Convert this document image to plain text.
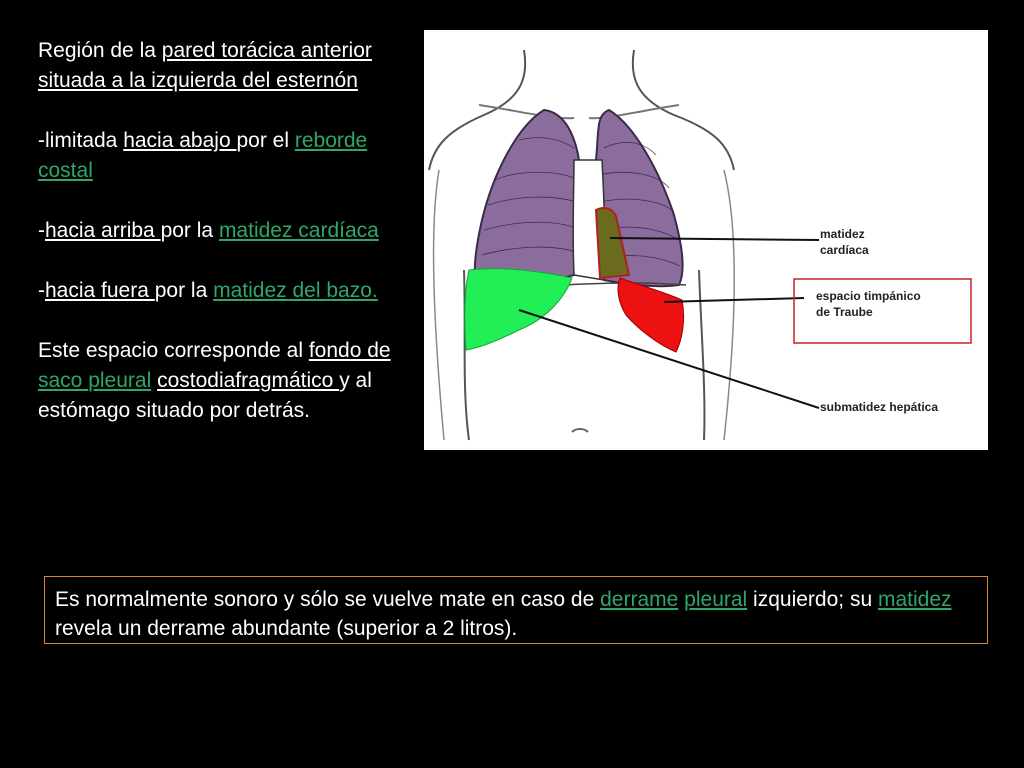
Región de la pared torácica anterior situada a la izquierda del esternón

-limitada hacia abajo por el reborde costal

-hacia arriba por la matidez cardíaca

-hacia fuera por la matidez del bazo.

Este espacio corresponde al fondo de saco pleural costodiafragmático y al estómago situado por detrás.

matidez
cardíaca
espacio timpánico
de Traube
submatidez hepática

Es normalmente sonoro y sólo se vuelve mate en caso de derrame pleural izquierdo; su matidez revela un derrame abundante (superior a 2 litros).
